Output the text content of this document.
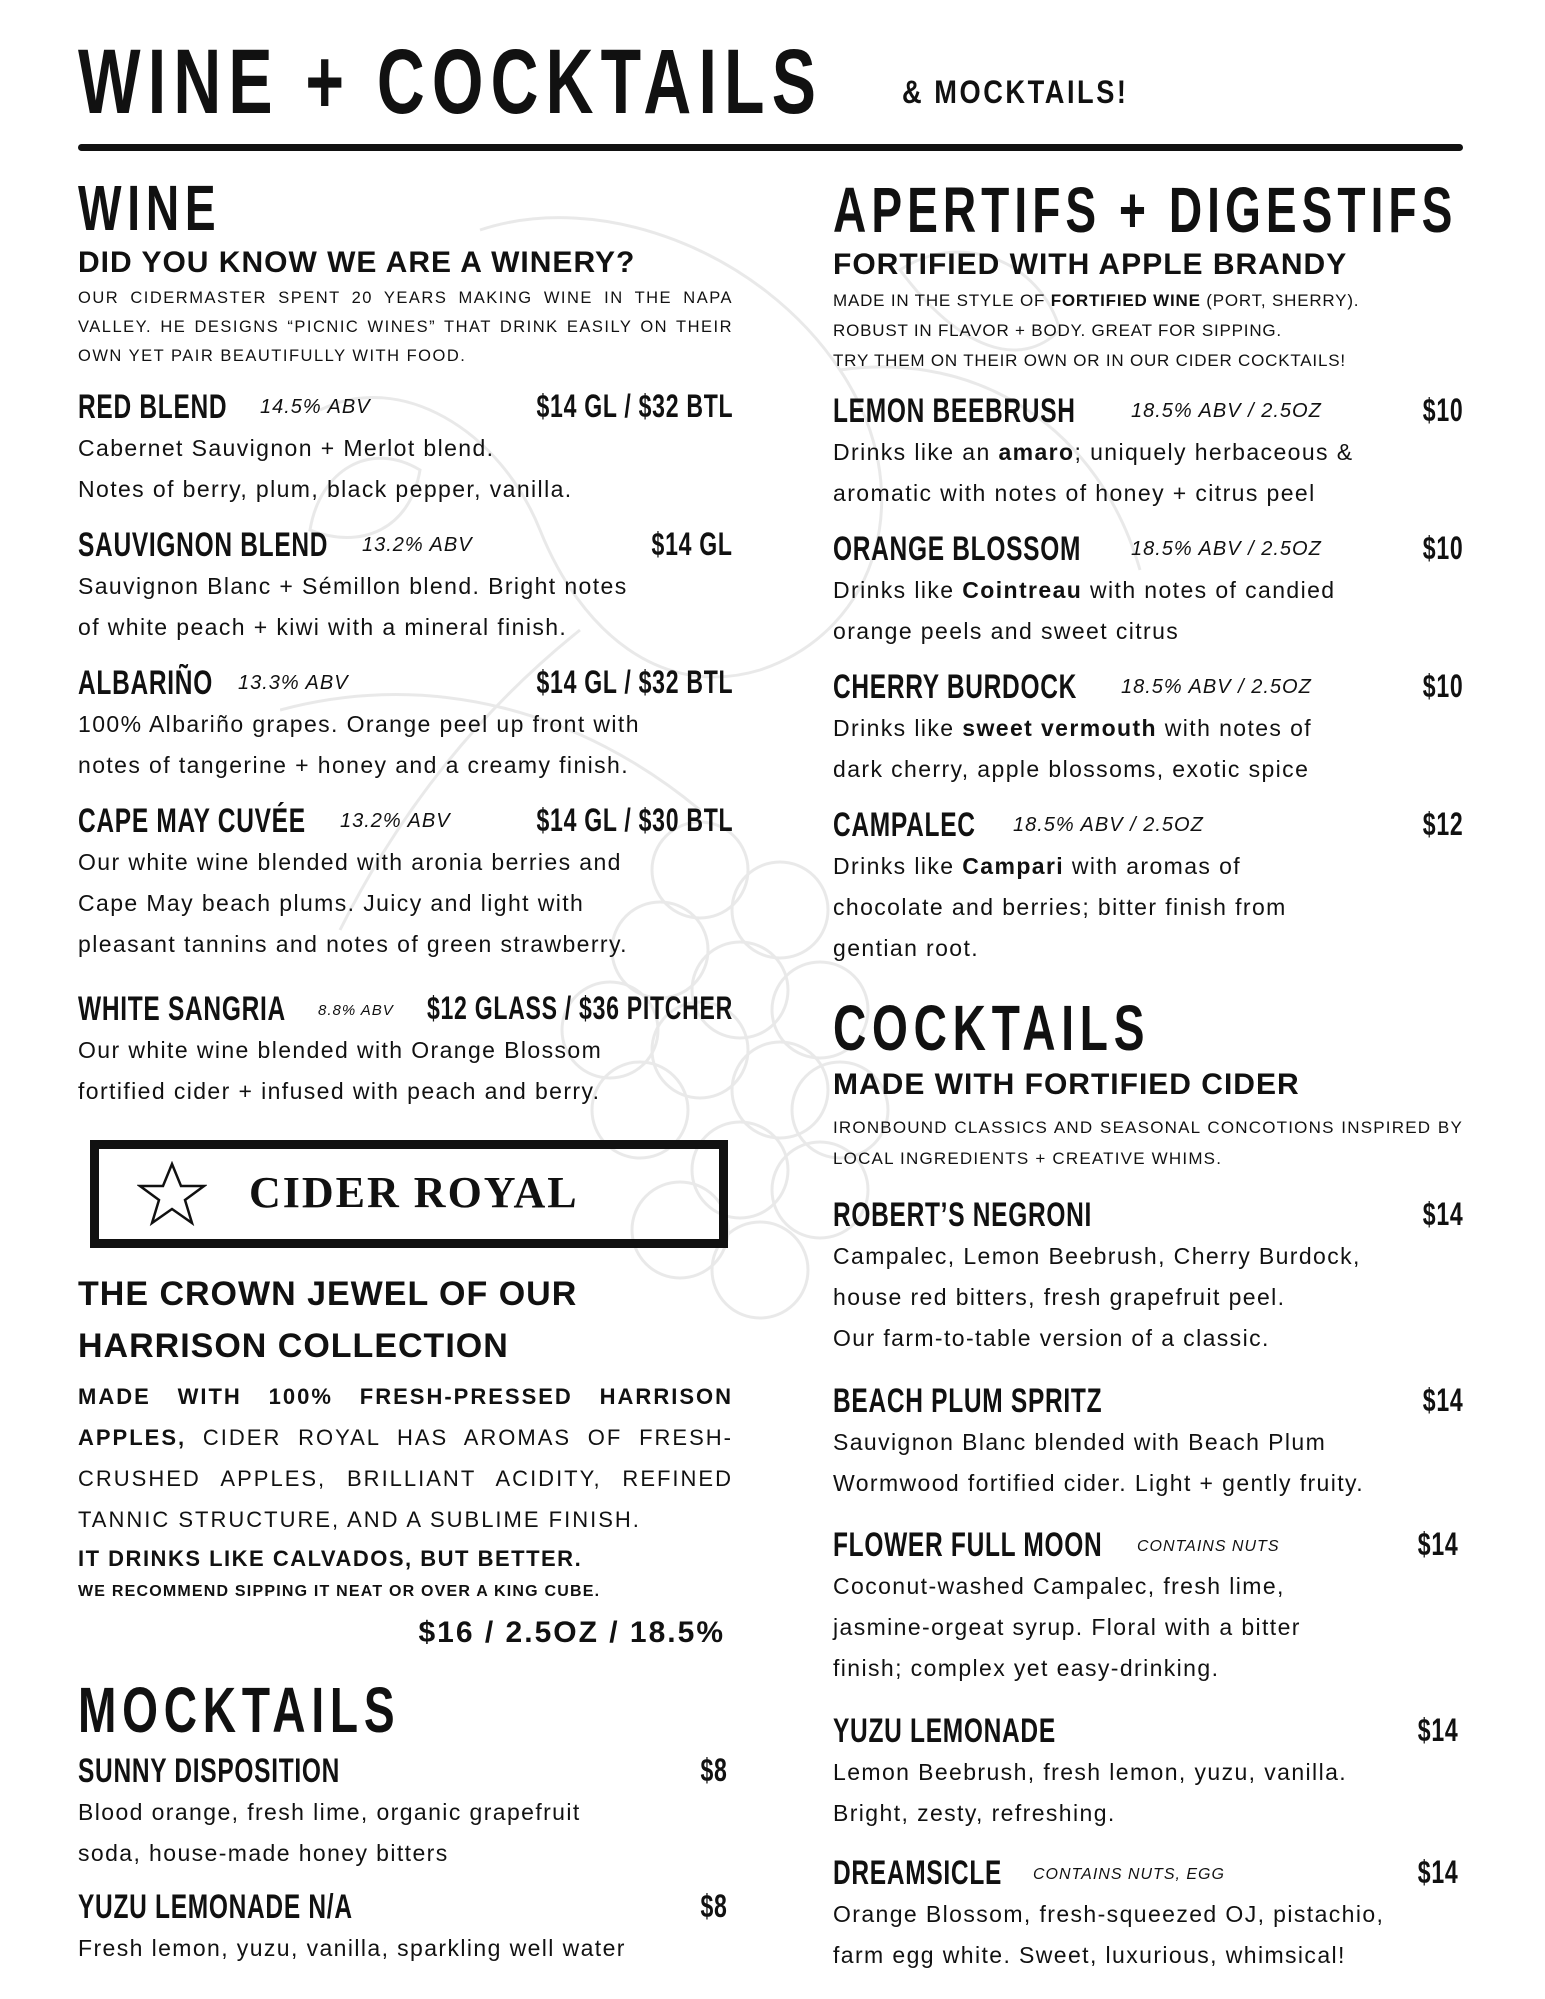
WINE + COCKTAILS & MOCKTAILS!
WINE
DID YOU KNOW WE ARE A WINERY?
OUR CIDERMASTER SPENT 20 YEARS MAKING WINE IN THE NAPA VALLEY. HE DESIGNS “PICNIC WINES” THAT DRINK EASILY ON THEIR OWN YET PAIR BEAUTIFULLY WITH FOOD.
RED BLEND 14.5% ABV	$14 GL / $32 BTL
Cabernet Sauvignon + Merlot blend.
Notes of berry, plum, black pepper, vanilla.
SAUVIGNON BLEND 13.2% ABV	$14 GL
Sauvignon Blanc + Sémillon blend. Bright notes
of white peach + kiwi with a mineral finish.
ALBARIÑO 13.3% ABV	$14 GL / $32 BTL
100% Albariño grapes. Orange peel up front with
notes of tangerine + honey and a creamy finish.
CAPE MAY CUVÉE 13.2% ABV	$14 GL / $30 BTL
Our white wine blended with aronia berries and
Cape May beach plums. Juicy and light with
pleasant tannins and notes of green strawberry.
WHITE SANGRIA 8.8% ABV $12 GLASS / $36 PITCHER
Our white wine blended with Orange Blossom
fortified cider + infused with peach and berry.
CIDER ROYAL
THE CROWN JEWEL OF OUR
HARRISON COLLECTION
MADE WITH 100% FRESH-PRESSED HARRISON APPLES, CIDER ROYAL HAS AROMAS OF FRESH-CRUSHED APPLES, BRILLIANT ACIDITY, REFINED TANNIC STRUCTURE, AND A SUBLIME FINISH.
IT DRINKS LIKE CALVADOS, BUT BETTER.
WE RECOMMEND SIPPING IT NEAT OR OVER A KING CUBE.
$16 / 2.5OZ / 18.5%
MOCKTAILS
SUNNY DISPOSITION	$8
Blood orange, fresh lime, organic grapefruit
soda, house-made honey bitters
YUZU LEMONADE N/A	$8
Fresh lemon, yuzu, vanilla, sparkling well water
APERTIFS + DIGESTIFS
FORTIFIED WITH APPLE BRANDY
MADE IN THE STYLE OF FORTIFIED WINE (PORT, SHERRY).
ROBUST IN FLAVOR + BODY. GREAT FOR SIPPING.
TRY THEM ON THEIR OWN OR IN OUR CIDER COCKTAILS!
LEMON BEEBRUSH	18.5% ABV / 2.5OZ	$10
Drinks like an amaro; uniquely herbaceous &
aromatic with notes of honey + citrus peel
ORANGE BLOSSOM 18.5% ABV / 2.5OZ	$10
Drinks like Cointreau with notes of candied
orange peels and sweet citrus
CHERRY BURDOCK 18.5% ABV / 2.5OZ	$10
Drinks like sweet vermouth with notes of
dark cherry, apple blossoms, exotic spice
CAMPALEC 18.5% ABV / 2.5OZ	$12
Drinks like Campari with aromas of
chocolate and berries; bitter finish from
gentian root.
COCKTAILS
MADE WITH FORTIFIED CIDER
IRONBOUND CLASSICS AND SEASONAL CONCOTIONS INSPIRED BY LOCAL INGREDIENTS + CREATIVE WHIMS.
ROBERT’S NEGRONI	$14
Campalec, Lemon Beebrush, Cherry Burdock,
house red bitters, fresh grapefruit peel.
Our farm-to-table version of a classic.
BEACH PLUM SPRITZ	$14
Sauvignon Blanc blended with Beach Plum
Wormwood fortified cider. Light + gently fruity.
FLOWER FULL MOON CONTAINS NUTS	$14
Coconut-washed Campalec, fresh lime,
jasmine-orgeat syrup. Floral with a bitter
finish; complex yet easy-drinking.
YUZU LEMONADE	$14
Lemon Beebrush, fresh lemon, yuzu, vanilla.
Bright, zesty, refreshing.
DREAMSICLE CONTAINS NUTS, EGG	$14
Orange Blossom, fresh-squeezed OJ, pistachio,
farm egg white. Sweet, luxurious, whimsical!
